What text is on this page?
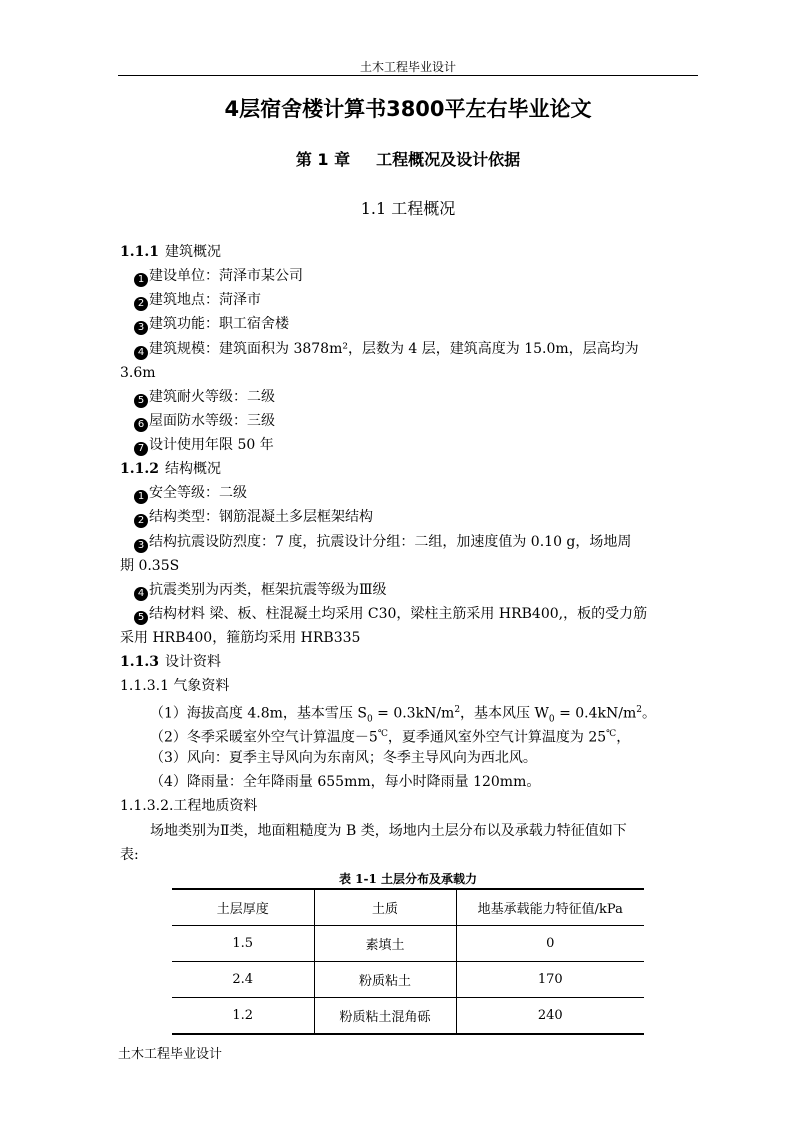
土木工程毕业设计
4层宿舍楼计算书3800平左右毕业论文
第 1 章 工程概况及设计依据
1.1 工程概况
1.1.1 建筑概况
1 建设单位：菏泽市某公司
2 建筑地点：菏泽市
3 建筑功能：职工宿舍楼
4 建筑规模：建筑面积为 3878m²，层数为 4 层，建筑高度为 15.0m，层高均为
3.6m
5 建筑耐火等级：二级
6 屋面防水等级：三级
7 设计使用年限 50 年
1.1.2 结构概况
1 安全等级：二级
2 结构类型：钢筋混凝土多层框架结构
3 结构抗震设防烈度：7 度，抗震设计分组：二组，加速度值为 0.10 g，场地周
期 0.35S
4 抗震类别为丙类，框架抗震等级为Ⅲ级
5 结构材料 梁、板、柱混凝土均采用 C30，梁柱主筋采用 HRB400,，板的受力筋
采用 HRB400，箍筋均采用 HRB335
1.1.3 设计资料
1.1.3.1 气象资料
（1）海拔高度 4.8m，基本雪压 $S_0 = 0.3kN/m^2$，基本风压 $W_0 = 0.4kN/m^2$。
（2）冬季采暖室外空气计算温度－5℃，夏季通风室外空气计算温度为 25℃，
（3）风向：夏季主导风向为东南风；冬季主导风向为西北风。
（4）降雨量：全年降雨量 655mm，每小时降雨量 120mm。
1.1.3.2.工程地质资料
场地类别为Ⅱ类，地面粗糙度为 B 类，场地内土层分布以及承载力特征值如下
表:
表 1-1 土层分布及承载力
土层厚度	土质	地基承载能力特征值/kPa
1.5	素填土	0
2.4	粉质粘土	170
1.2	粉质粘土混角砾	240
土木工程毕业设计
